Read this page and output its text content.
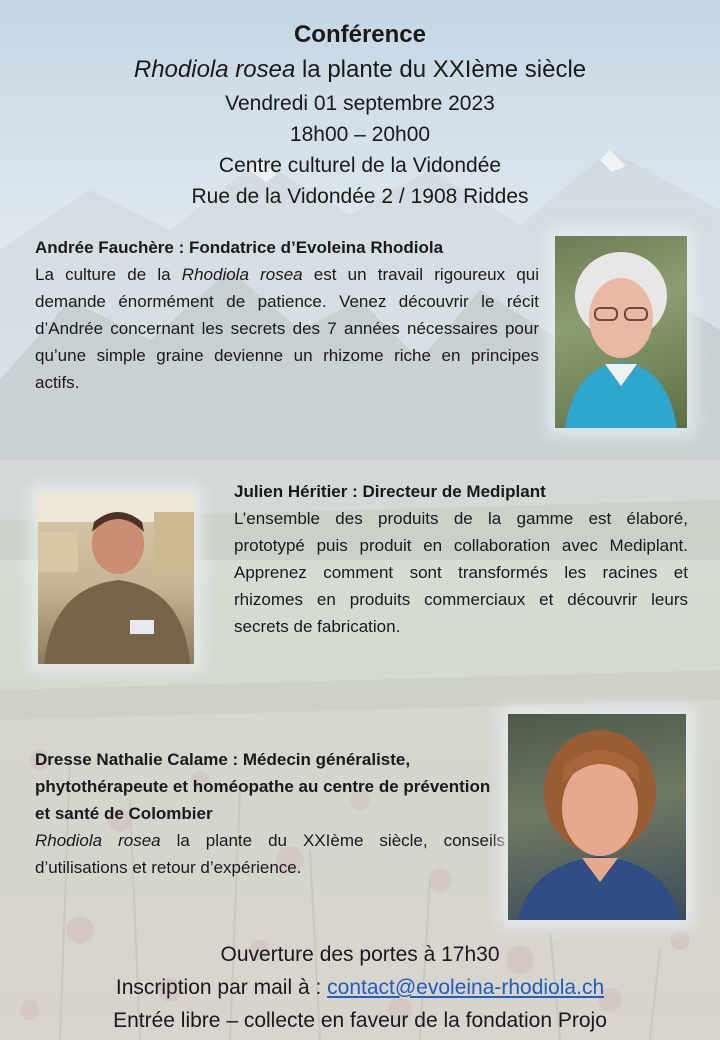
Conférence
Rhodiola rosea la plante du XXIème siècle
Vendredi 01 septembre 2023
18h00 – 20h00
Centre culturel de la Vidondée
Rue de la Vidondée 2 / 1908 Riddes
Andrée Fauchère : Fondatrice d’Evoleina Rhodiola

La culture de la Rhodiola rosea est un travail rigoureux qui demande énormément de patience. Venez découvrir le récit d’Andrée concernant les secrets des 7 années nécessaires pour qu’une simple graine devienne un rhizome riche en principes actifs.

Julien Héritier : Directeur de Mediplant

L’ensemble des produits de la gamme est élaboré, prototypé puis produit en collaboration avec Mediplant. Apprenez comment sont transformés les racines et rhizomes en produits commerciaux et découvrir leurs secrets de fabrication.

Dresse Nathalie Calame : Médecin généraliste, phytothérapeute et homéopathe au centre de prévention et santé de Colombier

Rhodiola rosea la plante du XXIème siècle, conseils d’utilisations et retour d’expérience.

Ouverture des portes à 17h30
Inscription par mail à : contact@evoleina-rhodiola.ch
Entrée libre – collecte en faveur de la fondation Projo
